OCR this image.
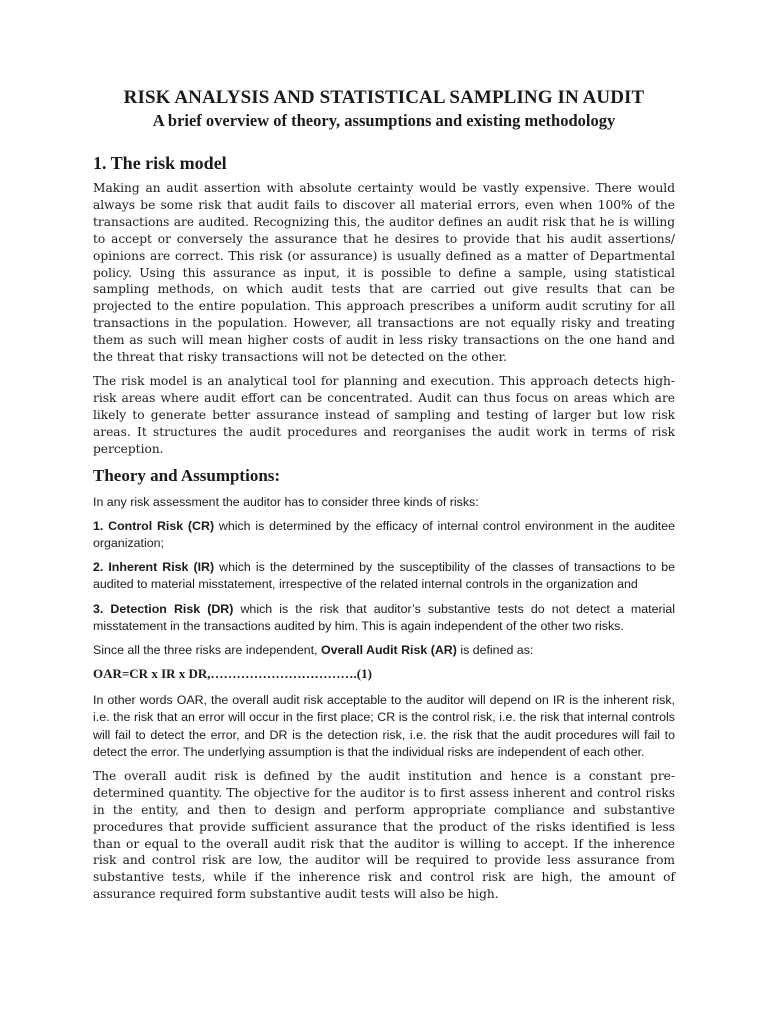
RISK ANALYSIS AND STATISTICAL SAMPLING IN AUDIT
A brief overview of theory, assumptions and existing methodology
1. The risk model

Making an audit assertion with absolute certainty would be vastly expensive. There would always be some risk that audit fails to discover all material errors, even when 100% of the transactions are audited. Recognizing this, the auditor defines an audit risk that he is willing to accept or conversely the assurance that he desires to provide that his audit assertions/ opinions are correct. This risk (or assurance) is usually defined as a matter of Departmental policy. Using this assurance as input, it is possible to define a sample, using statistical sampling methods, on which audit tests that are carried out give results that can be projected to the entire population. This approach prescribes a uniform audit scrutiny for all transactions in the population. However, all transactions are not equally risky and treating them as such will mean higher costs of audit in less risky transactions on the one hand and the threat that risky transactions will not be detected on the other.

The risk model is an analytical tool for planning and execution. This approach detects high-risk areas where audit effort can be concentrated. Audit can thus focus on areas which are likely to generate better assurance instead of sampling and testing of larger but low risk areas. It structures the audit procedures and reorganises the audit work in terms of risk perception.

Theory and Assumptions:

In any risk assessment the auditor has to consider three kinds of risks:

1. Control Risk (CR) which is determined by the efficacy of internal control environment in the auditee organization;

2. Inherent Risk (IR) which is the determined by the susceptibility of the classes of transactions to be audited to material misstatement, irrespective of the related internal controls in the organization and

3. Detection Risk (DR) which is the risk that auditor’s substantive tests do not detect a material misstatement in the transactions audited by him. This is again independent of the other two risks.

Since all the three risks are independent, Overall Audit Risk (AR) is defined as:

OAR=CR x IR x DR,…………………………….(1)

In other words OAR, the overall audit risk acceptable to the auditor will depend on IR is the inherent risk, i.e. the risk that an error will occur in the first place; CR is the control risk, i.e. the risk that internal controls will fail to detect the error, and DR is the detection risk, i.e. the risk that the audit procedures will fail to detect the error. The underlying assumption is that the individual risks are independent of each other.

The overall audit risk is defined by the audit institution and hence is a constant pre-determined quantity. The objective for the auditor is to first assess inherent and control risks in the entity, and then to design and perform appropriate compliance and substantive procedures that provide sufficient assurance that the product of the risks identified is less than or equal to the overall audit risk that the auditor is willing to accept. If the inherence risk and control risk are low, the auditor will be required to provide less assurance from substantive tests, while if the inherence risk and control risk are high, the amount of assurance required form substantive audit tests will also be high.
